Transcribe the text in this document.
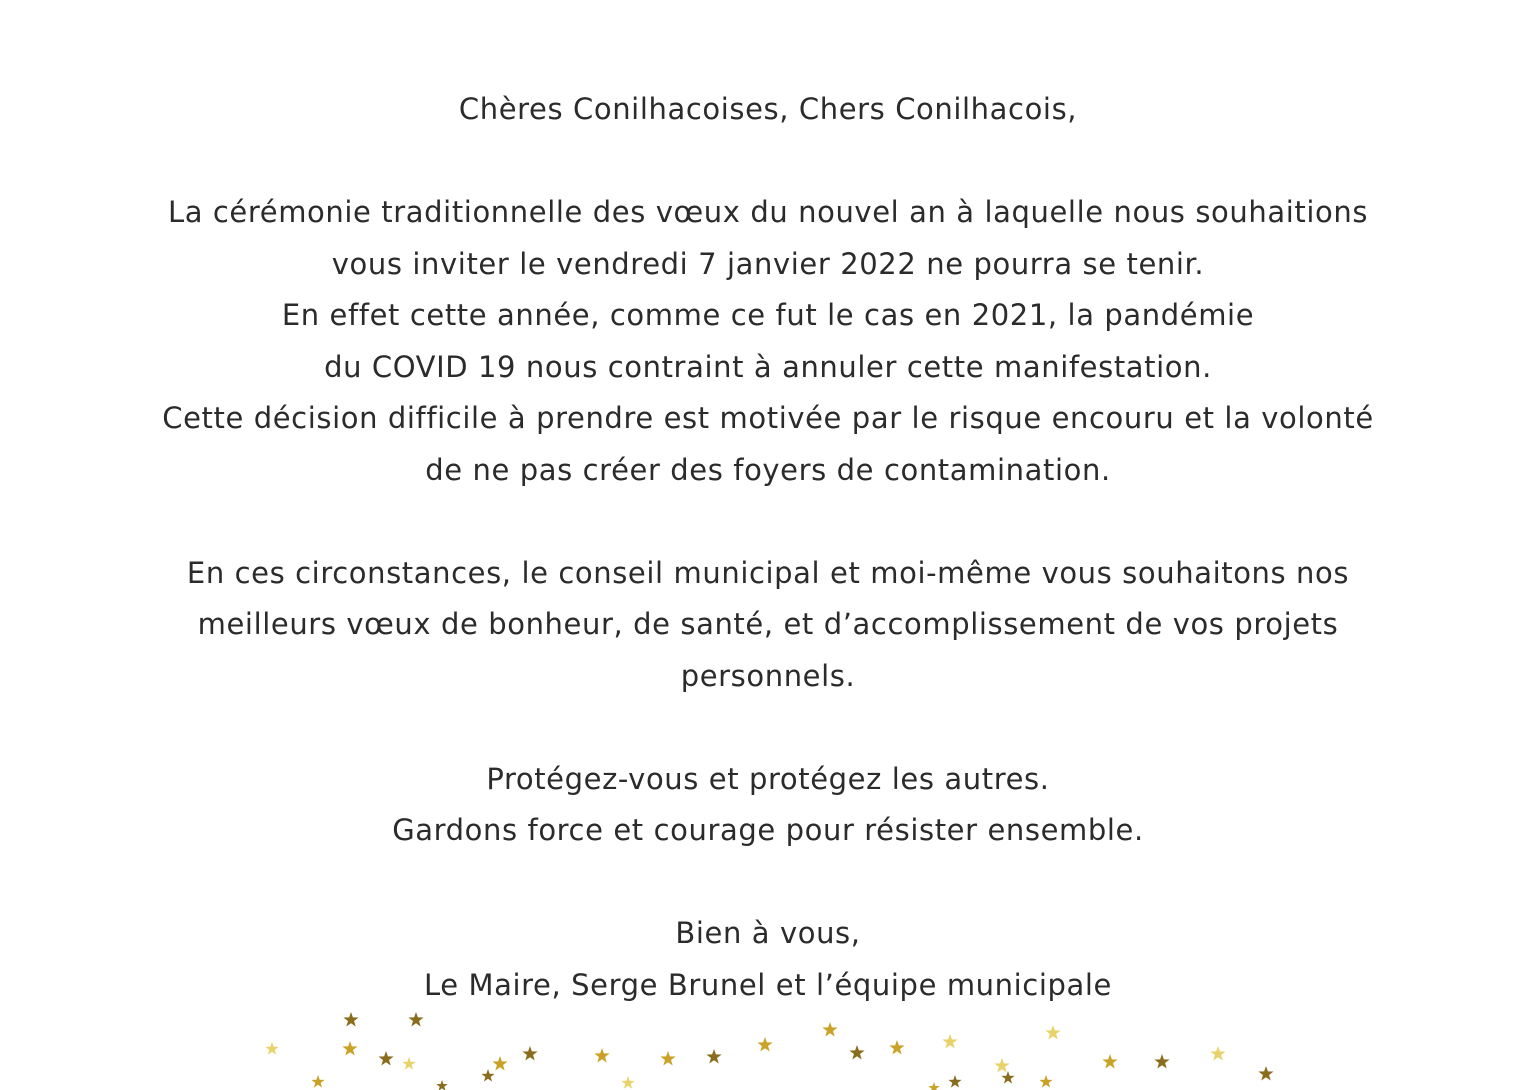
Chères Conilhacoises, Chers Conilhacois,
La cérémonie traditionnelle des vœux du nouvel an à laquelle nous souhaitions
vous inviter le vendredi 7 janvier 2022 ne pourra se tenir.
En effet cette année, comme ce fut le cas en 2021, la pandémie
du COVID 19 nous contraint à annuler cette manifestation.
Cette décision difficile à prendre est motivée par le risque encouru et la volonté
de ne pas créer des foyers de contamination.
En ces circonstances, le conseil municipal et moi-même vous souhaitons nos
meilleurs vœux de bonheur, de santé, et d’accomplissement de vos projets
personnels.
Protégez-vous et protégez les autres.
Gardons force et courage pour résister ensemble.
Bien à vous,
Le Maire, Serge Brunel et l’équipe municipale
